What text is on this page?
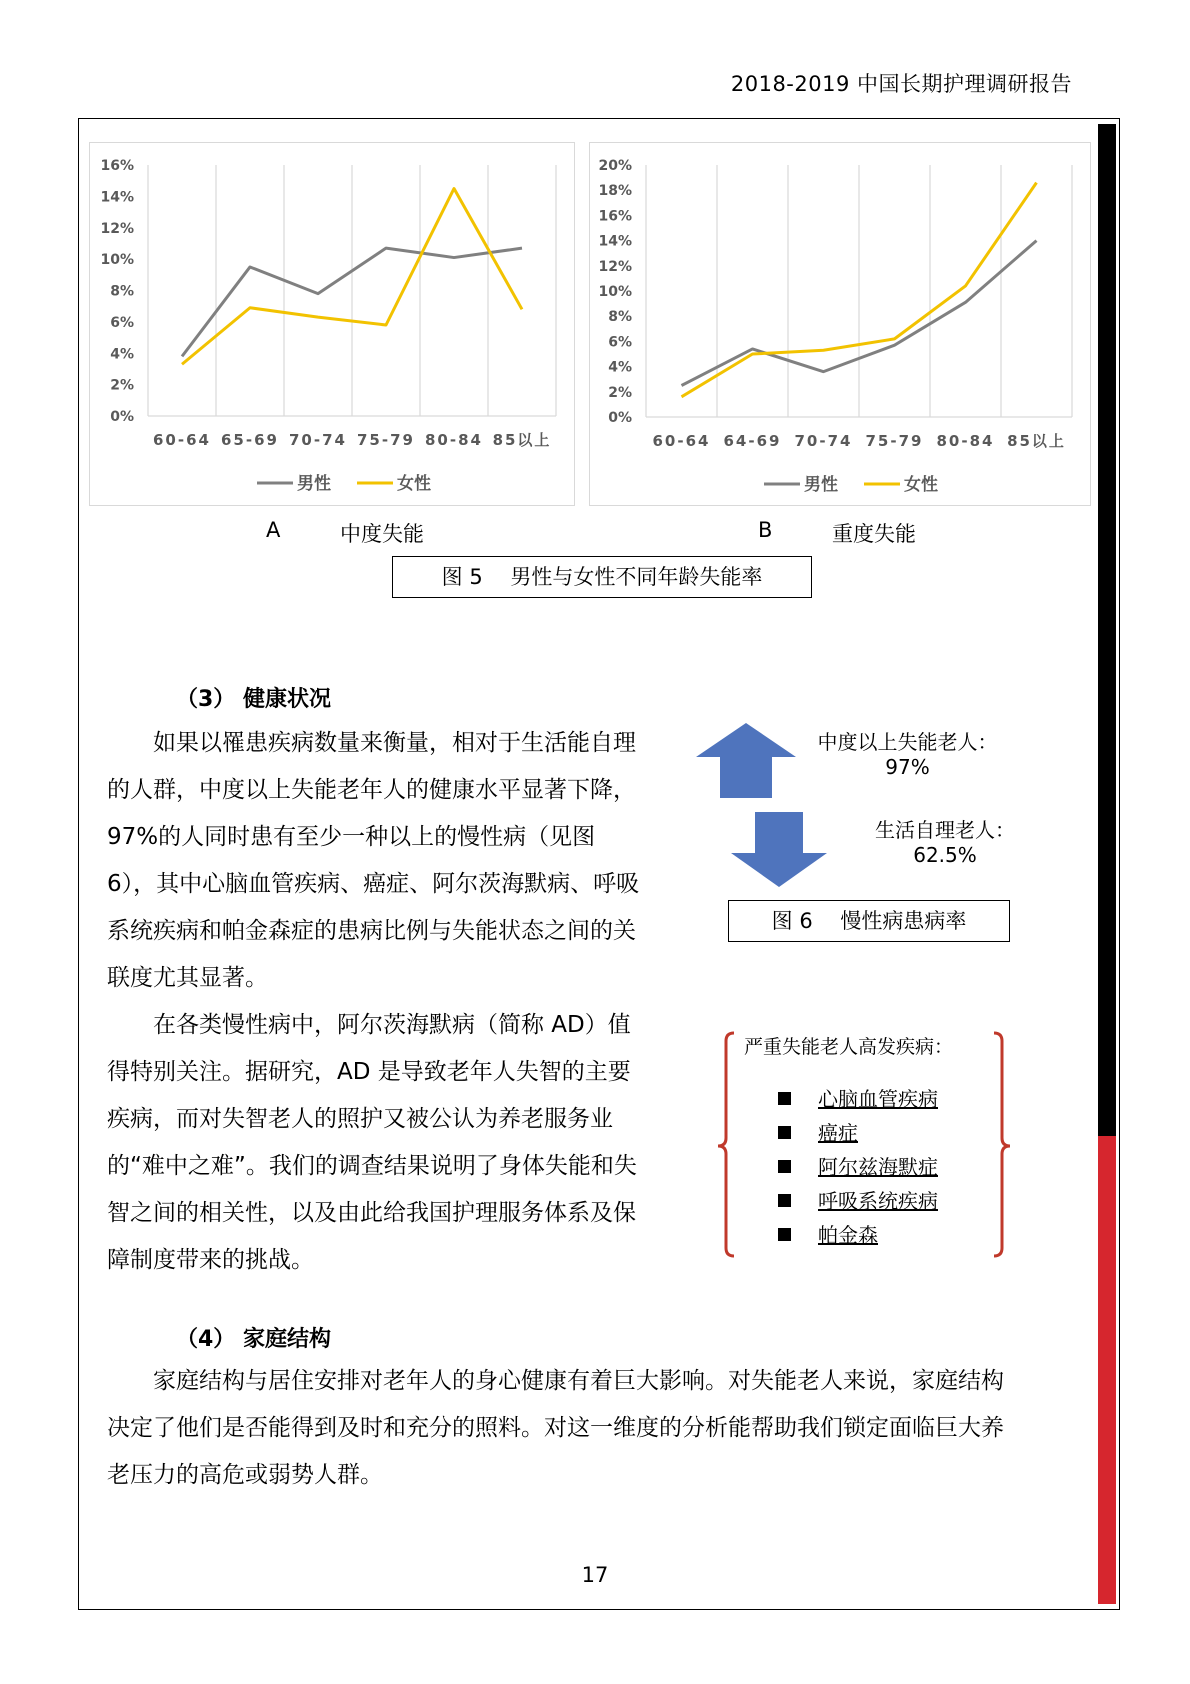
2018-2019 中国长期护理调研报告
0%
2%
4%
6%
8%
10%
12%
14%
16%
60-64 65-69 70-74 75-79 80-84 85以上
男性	女性
0%
2%
4%
6%
8%
10%
12%
14%
16%
18%
20%
60-64 64-69 70-74 75-79 80-84 85以上
男性	女性
A	中度失能	B	重度失能
图 5　 男性与女性不同年龄失能率
（3） 健康状况

如果以罹患疾病数量来衡量，相对于生活能自理的人群，中度以上失能老年人的健康水平显著下降，97%的人同时患有至少一种以上的慢性病（见图 6），其中心脑血管疾病、癌症、阿尔茨海默病、呼吸系统疾病和帕金森症的患病比例与失能状态之间的关联度尤其显著。

在各类慢性病中，阿尔茨海默病（简称 AD）值得特别关注。据研究，AD 是导致老年人失智的主要疾病，而对失智老人的照护又被公认为养老服务业的“难中之难”。我们的调查结果说明了身体失能和失智之间的相关性，以及由此给我国护理服务体系及保障制度带来的挑战。

中度以上失能老人：
97%
生活自理老人：
62.5%
图 6　 慢性病患病率
严重失能老人高发疾病：
心脑血管疾病
癌症
阿尔兹海默症
呼吸系统疾病
帕金森
（4） 家庭结构

家庭结构与居住安排对老年人的身心健康有着巨大影响。对失能老人来说，家庭结构决定了他们是否能得到及时和充分的照料。对这一维度的分析能帮助我们锁定面临巨大养老压力的高危或弱势人群。

17
